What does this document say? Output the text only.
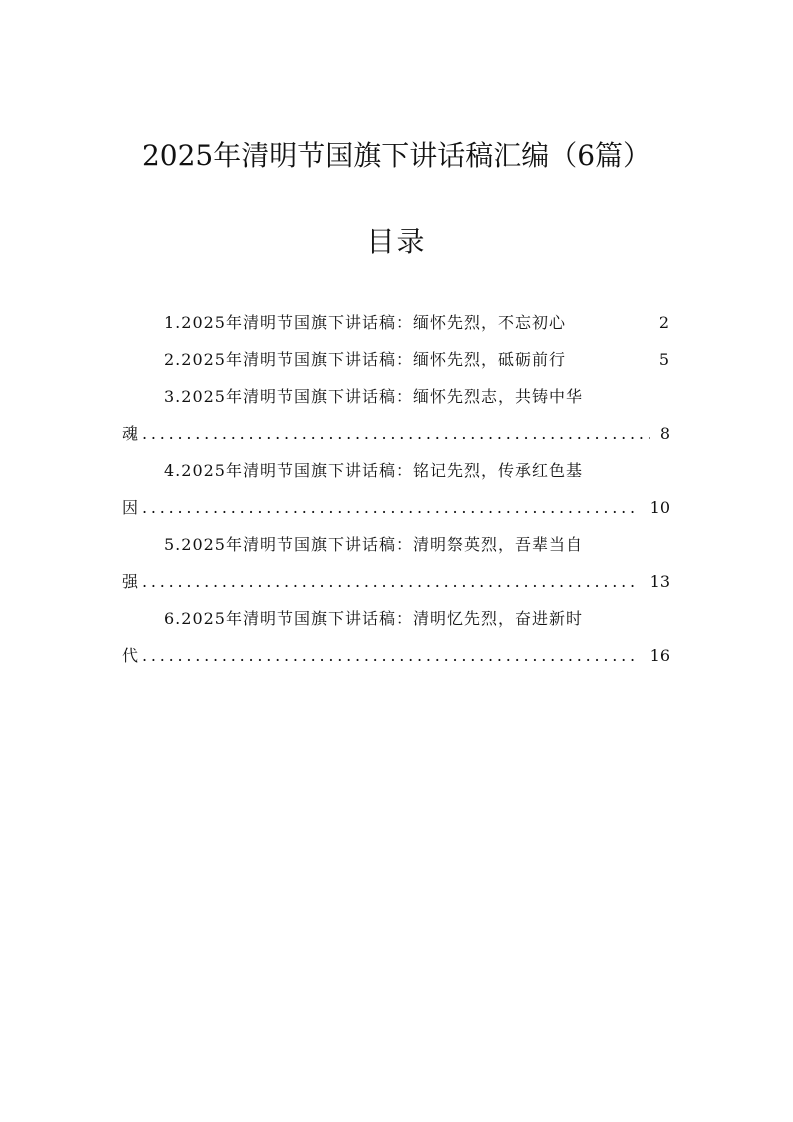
2025年清明节国旗下讲话稿汇编（6篇）
目录
1.2025年清明节国旗下讲话稿：缅怀先烈，不忘初心	2
2.2025年清明节国旗下讲话稿：缅怀先烈，砥砺前行	5
3.2025年清明节国旗下讲话稿：缅怀先烈志，共铸中华
魂 . . .	8
4.2025年清明节国旗下讲话稿：铭记先烈，传承红色基
因 . . .	10
5.2025年清明节国旗下讲话稿：清明祭英烈，吾辈当自
强 . . .	13
6.2025年清明节国旗下讲话稿：清明忆先烈，奋进新时
代 . . .	16
